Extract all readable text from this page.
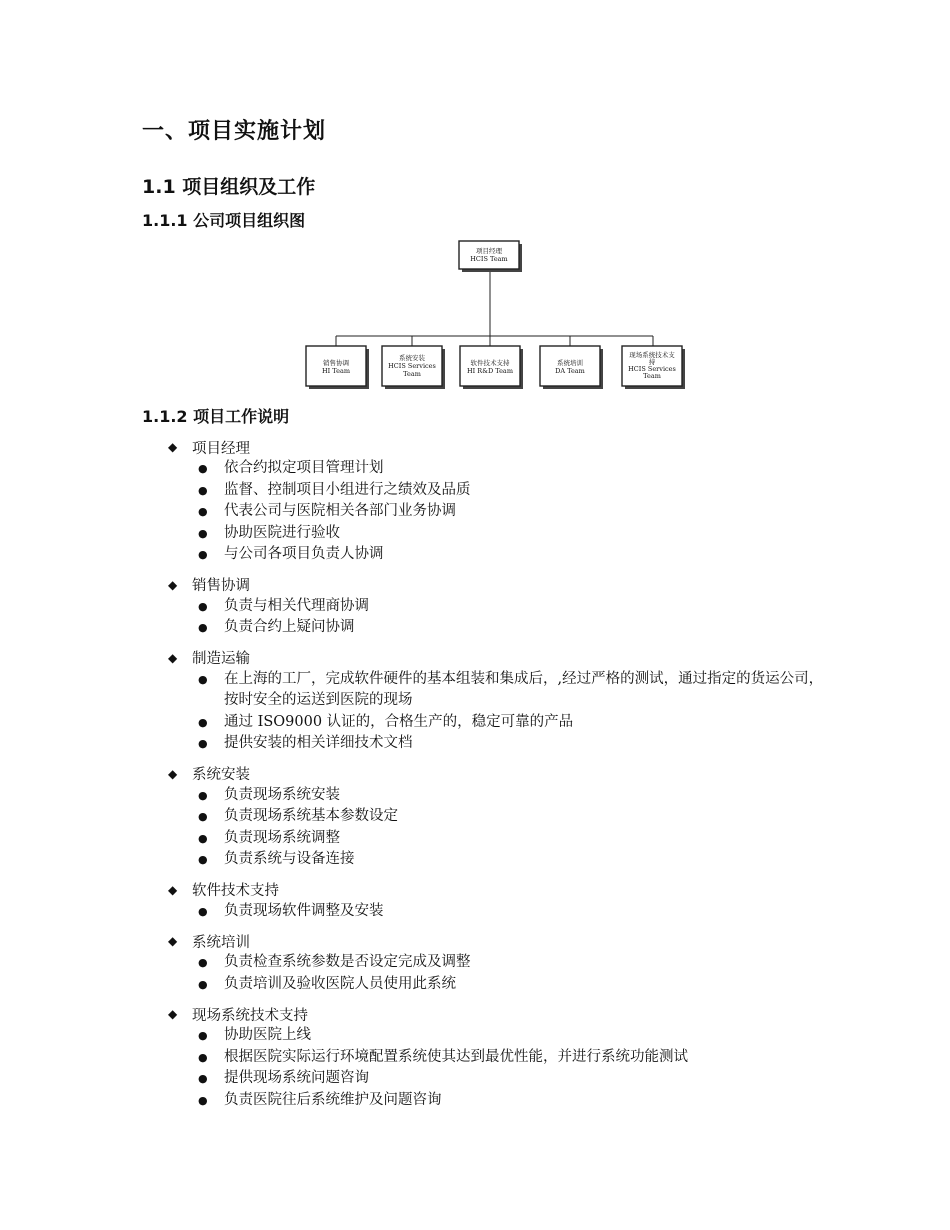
一、项目实施计划
1.1 项目组织及工作
1.1.1 公司项目组织图
项目经理
HCIS Team
销售协调
HI Team
系统安装
HCIS Services
Team
软件技术支持
HI R&D Team
系统培训
DA Team
现场系统技术支
持
HCIS Services
Team
1.1.2 项目工作说明
◆	项目经理
●	依合约拟定项目管理计划
●	监督、控制项目小组进行之绩效及品质
●	代表公司与医院相关各部门业务协调
●	协助医院进行验收
●	与公司各项目负责人协调
◆	销售协调
●	负责与相关代理商协调
●	负责合约上疑问协调
◆	制造运输
●	在上海的工厂，完成软件硬件的基本组装和集成后，,经过严格的测试，通过指定的货运公司，按时安全的运送到医院的现场
●	通过 ISO9000 认证的，合格生产的，稳定可靠的产品
●	提供安装的相关详细技术文档
◆	系统安装
●	负责现场系统安装
●	负责现场系统基本参数设定
●	负责现场系统调整
●	负责系统与设备连接
◆	软件技术支持
●	负责现场软件调整及安装
◆	系统培训
●	负责检查系统参数是否设定完成及调整
●	负责培训及验收医院人员使用此系统
◆	现场系统技术支持
●	协助医院上线
●	根据医院实际运行环境配置系统使其达到最优性能，并进行系统功能测试
●	提供现场系统问题咨询
●	负责医院往后系统维护及问题咨询
